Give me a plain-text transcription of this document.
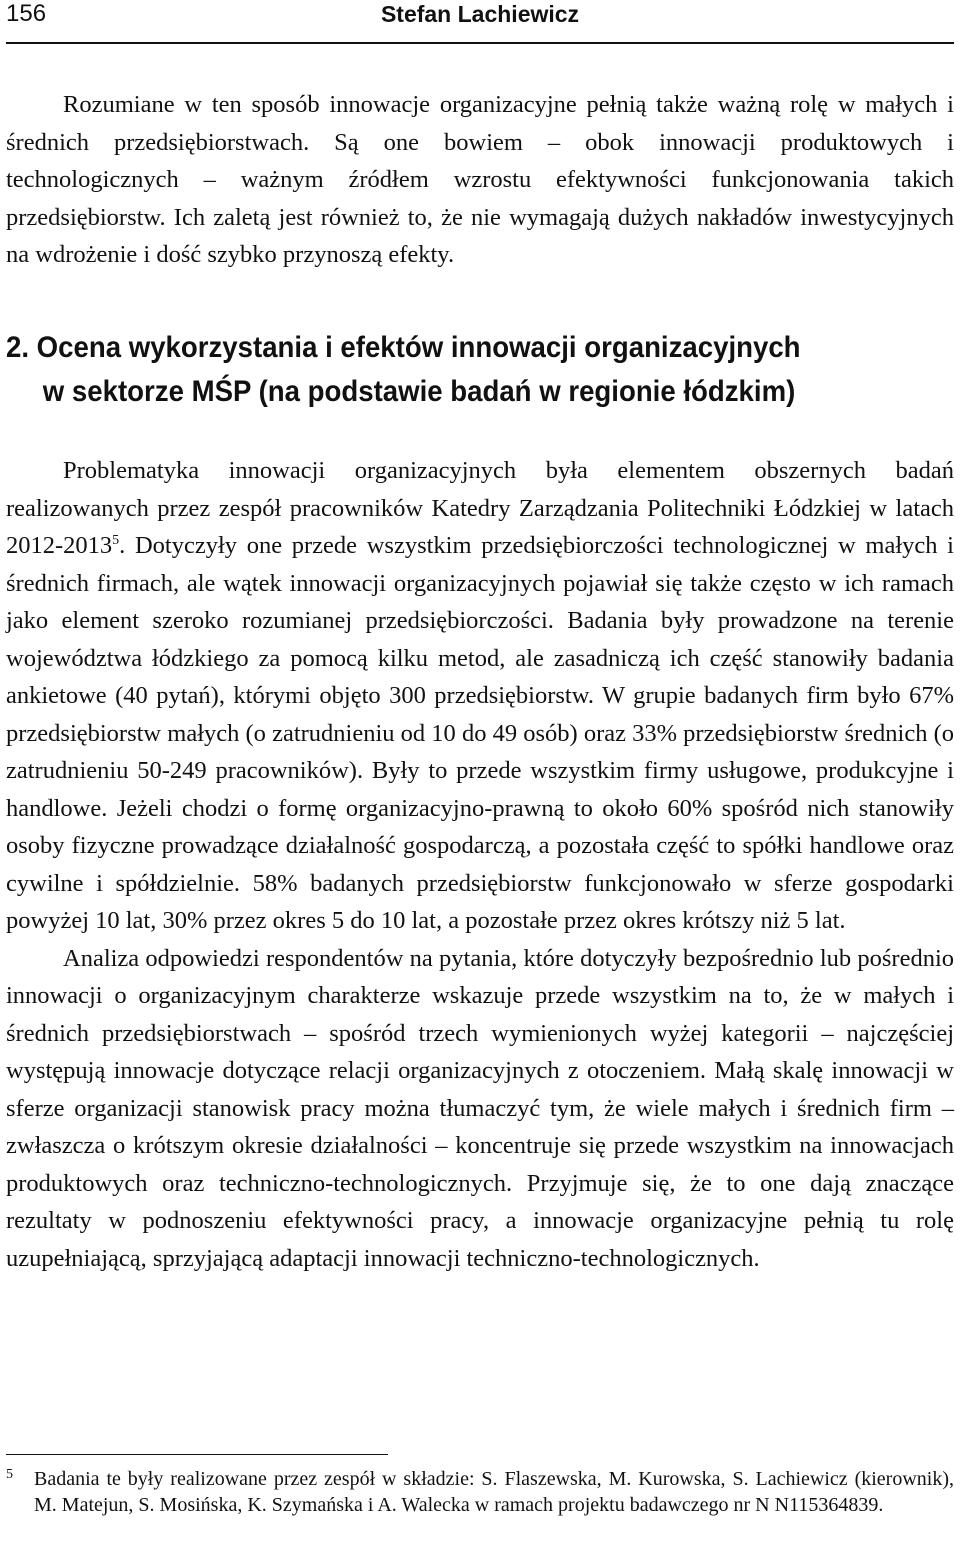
156	Stefan Lachiewicz

Rozumiane w ten sposób innowacje organizacyjne pełnią także ważną rolę w małych i średnich przedsiębiorstwach. Są one bowiem – obok innowacji produktowych i technologicznych – ważnym źródłem wzrostu efektywności funkcjonowania takich przedsiębiorstw. Ich zaletą jest również to, że nie wymagają dużych nakładów inwestycyjnych na wdrożenie i dość szybko przynoszą efekty.

2. Ocena wykorzystania i efektów innowacji organizacyjnych
w sektorze MŚP (na podstawie badań w regionie łódzkim)

Problematyka innowacji organizacyjnych była elementem obszernych badań realizowanych przez zespół pracowników Katedry Zarządzania Politechniki Łódzkiej w latach 2012-2013$^5$. Dotyczyły one przede wszystkim przedsiębiorczości technologicznej w małych i średnich firmach, ale wątek innowacji organizacyjnych pojawiał się także często w ich ramach jako element szeroko rozumianej przedsiębiorczości. Badania były prowadzone na terenie województwa łódzkiego za pomocą kilku metod, ale zasadniczą ich część stanowiły badania ankietowe (40 pytań), którymi objęto 300 przedsiębiorstw. W grupie badanych firm było 67% przedsiębiorstw małych (o zatrudnieniu od 10 do 49 osób) oraz 33% przedsiębiorstw średnich (o zatrudnieniu 50-249 pracowników). Były to przede wszystkim firmy usługowe, produkcyjne i handlowe. Jeżeli chodzi o formę organizacyjno-prawną to około 60% spośród nich stanowiły osoby fizyczne prowadzące działalność gospodarczą, a pozostała część to spółki handlowe oraz cywilne i spółdzielnie. 58% badanych przedsiębiorstw funkcjonowało w sferze gospodarki powyżej 10 lat, 30% przez okres 5 do 10 lat, a pozostałe przez okres krótszy niż 5 lat.

Analiza odpowiedzi respondentów na pytania, które dotyczyły bezpośrednio lub pośrednio innowacji o organizacyjnym charakterze wskazuje przede wszystkim na to, że w małych i średnich przedsiębiorstwach – spośród trzech wymienionych wyżej kategorii – najczęściej występują innowacje dotyczące relacji organizacyjnych z otoczeniem. Małą skalę innowacji w sferze organizacji stanowisk pracy można tłumaczyć tym, że wiele małych i średnich firm – zwłaszcza o krótszym okresie działalności – koncentruje się przede wszystkim na innowacjach produktowych oraz techniczno-technologicznych. Przyjmuje się, że to one dają znaczące rezultaty w podnoszeniu efektywności pracy, a innowacje organizacyjne pełnią tu rolę uzupełniającą, sprzyjającą adaptacji innowacji techniczno-technologicznych.

5 Badania te były realizowane przez zespół w składzie: S. Flaszewska, M. Kurowska, S. Lachiewicz (kierownik), M. Matejun, S. Mosińska, K. Szymańska i A. Walecka w ramach projektu badawczego nr N N115364839.
